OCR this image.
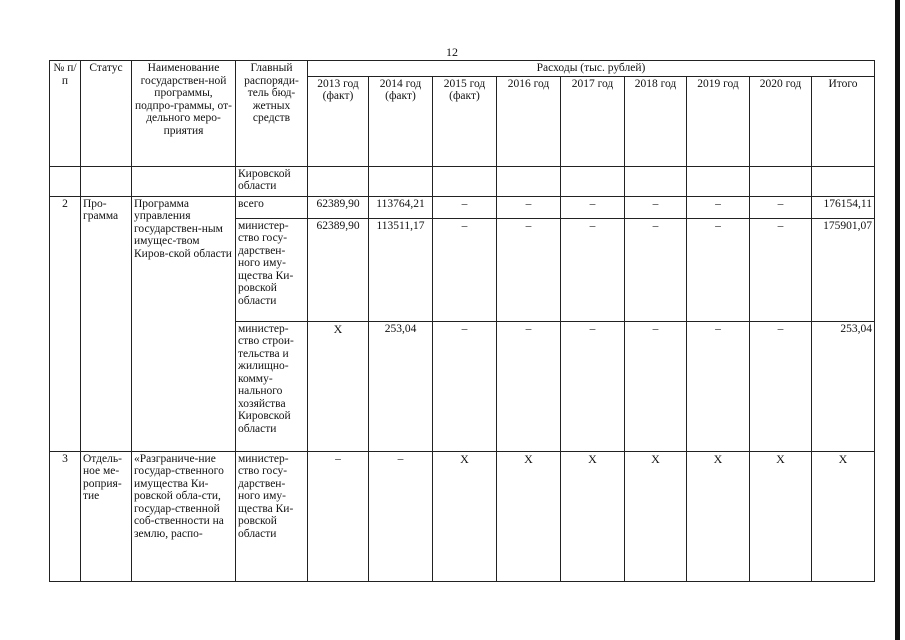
12
№ п/п	Статус	Наименование государствен-ной программы, подпро-граммы, от-дельного меро-приятия	Главный распоряди-тель бюд-жетных средств	Расходы (тыс. рублей)								
				2013 год (факт)	2014 год (факт)	2015 год (факт)	2016 год	2017 год	2018 год	2019 год	2020 год	Итого
			Кировской области									
2	Про-грамма	Программа управления государствен-ным имущес-твом Киров-ской области	всего	62389,90	113764,21	–	–	–	–	–	–	176154,11
			министер-ство госу-дарствен-ного иму-щества Ки-ровской области	62389,90	113511,17	–	–	–	–	–	–	175901,07
			министер-ство строи-тельства и жилищно-комму-нального хозяйства Кировской области	Х	253,04	–	–	–	–	–	–	253,04
3	Отдель-ное ме-роприя-тие	«Разграниче-ние государ-ственного имущества Ки-ровской обла-сти, государ-ственной соб-ственности на землю, распо-	министер-ство госу-дарствен-ного иму-щества Ки-ровской области	–	–	Х	Х	Х	Х	Х	Х	Х
